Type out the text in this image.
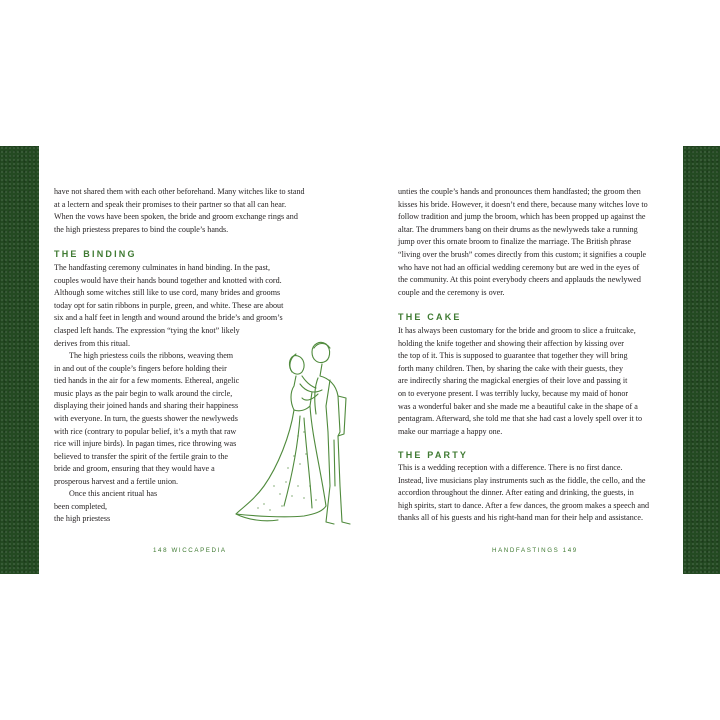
have not shared them with each other beforehand. Many witches like to stand
at a lectern and speak their promises to their partner so that all can hear.
When the vows have been spoken, the bride and groom exchange rings and
the high priestess prepares to bind the couple’s hands.
THE BINDING
The handfasting ceremony culminates in hand binding. In the past,
couples would have their hands bound together and knotted with cord.
Although some witches still like to use cord, many brides and grooms
today opt for satin ribbons in purple, green, and white. These are about
six and a half feet in length and wound around the bride’s and groom’s
clasped left hands. The expression “tying the knot” likely
derives from this ritual.
The high priestess coils the ribbons, weaving them
in and out of the couple’s fingers before holding their
tied hands in the air for a few moments. Ethereal, angelic
music plays as the pair begin to walk around the circle,
displaying their joined hands and sharing their happiness
with everyone. In turn, the guests shower the newlyweds
with rice (contrary to popular belief, it’s a myth that raw
rice will injure birds). In pagan times, rice throwing was
believed to transfer the spirit of the fertile grain to the
bride and groom, ensuring that they would have a
prosperous harvest and a fertile union.
Once this ancient ritual has
been completed,
the high priestess
148 WICCAPEDIA
unties the couple’s hands and pronounces them handfasted; the groom then
kisses his bride. However, it doesn’t end there, because many witches love to
follow tradition and jump the broom, which has been propped up against the
altar. The drummers bang on their drums as the newlyweds take a running
jump over this ornate broom to finalize the marriage. The British phrase
“living over the brush” comes directly from this custom; it signifies a couple
who have not had an official wedding ceremony but are wed in the eyes of
the community. At this point everybody cheers and applauds the newlywed
couple and the ceremony is over.
THE CAKE
It has always been customary for the bride and groom to slice a fruitcake,
holding the knife together and showing their affection by kissing over
the top of it. This is supposed to guarantee that together they will bring
forth many children. Then, by sharing the cake with their guests, they
are indirectly sharing the magickal energies of their love and passing it
on to everyone present. I was terribly lucky, because my maid of honor
was a wonderful baker and she made me a beautiful cake in the shape of a
pentagram. Afterward, she told me that she had cast a lovely spell over it to
make our marriage a happy one.
THE PARTY
This is a wedding reception with a difference. There is no first dance.
Instead, live musicians play instruments such as the fiddle, the cello, and the
accordion throughout the dinner. After eating and drinking, the guests, in
high spirits, start to dance. After a few dances, the groom makes a speech and
thanks all of his guests and his right-hand man for their help and assistance.
HANDFASTINGS 149
